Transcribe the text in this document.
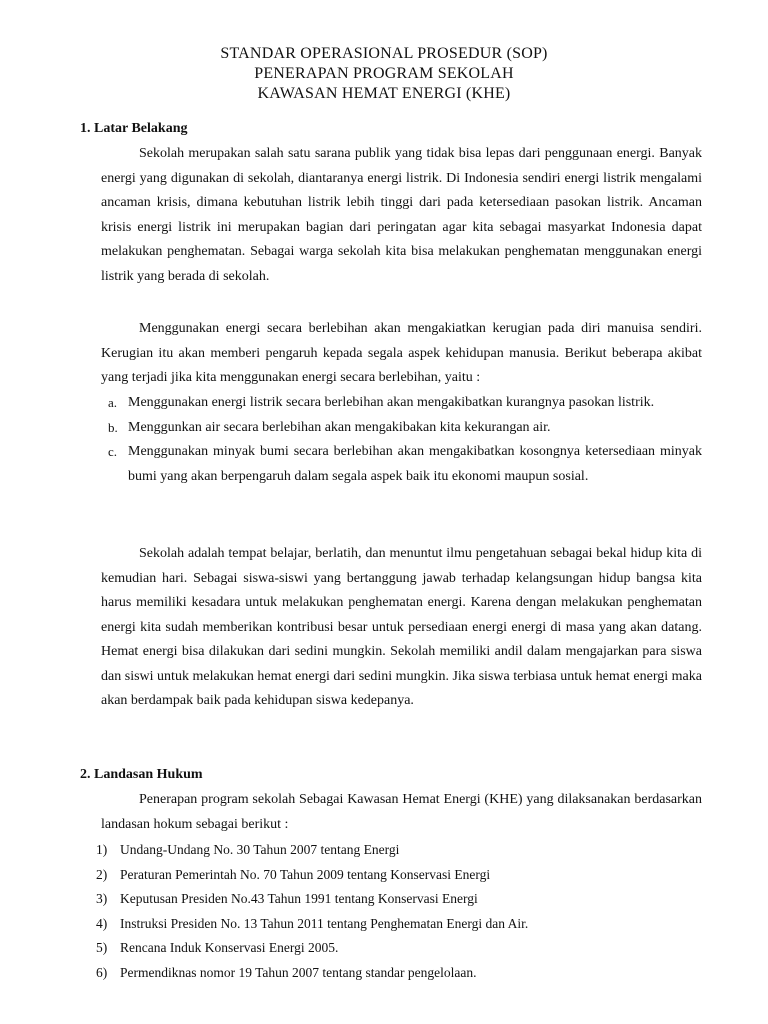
STANDAR OPERASIONAL PROSEDUR (SOP)
PENERAPAN PROGRAM SEKOLAH
KAWASAN HEMAT ENERGI (KHE)
1. Latar Belakang

Sekolah merupakan salah satu sarana publik yang tidak bisa lepas dari penggunaan energi. Banyak energi yang digunakan di sekolah, diantaranya energi listrik. Di Indonesia sendiri energi listrik mengalami ancaman krisis, dimana kebutuhan listrik lebih tinggi dari pada ketersediaan pasokan listrik. Ancaman krisis energi listrik ini merupakan bagian dari peringatan agar kita sebagai masyarkat Indonesia dapat melakukan penghematan. Sebagai warga sekolah kita bisa melakukan penghematan menggunakan energi listrik yang berada di sekolah.

Menggunakan energi secara berlebihan akan mengakiatkan kerugian pada diri manuisa sendiri. Kerugian itu akan memberi pengaruh kepada segala aspek kehidupan manusia. Berikut beberapa akibat yang terjadi jika kita menggunakan energi secara berlebihan, yaitu :

a. Menggunakan energi listrik secara berlebihan akan mengakibatkan kurangnya pasokan listrik.
b. Menggunkan air secara berlebihan akan mengakibakan kita kekurangan air.
c. Menggunakan minyak bumi secara berlebihan akan mengakibatkan kosongnya ketersediaan minyak bumi yang akan berpengaruh dalam segala aspek baik itu ekonomi maupun sosial.

Sekolah adalah tempat belajar, berlatih, dan menuntut ilmu pengetahuan sebagai bekal hidup kita di kemudian hari. Sebagai siswa-siswi yang bertanggung jawab terhadap kelangsungan hidup bangsa kita harus memiliki kesadara untuk melakukan penghematan energi. Karena dengan melakukan penghematan energi kita sudah memberikan kontribusi besar untuk persediaan energi energi di masa yang akan datang. Hemat energi bisa dilakukan dari sedini mungkin. Sekolah memiliki andil dalam mengajarkan para siswa dan siswi untuk melakukan hemat energi dari sedini mungkin. Jika siswa terbiasa untuk hemat energi maka akan berdampak baik pada kehidupan siswa kedepanya.

2. Landasan Hukum

Penerapan program sekolah Sebagai Kawasan Hemat Energi (KHE) yang dilaksanakan berdasarkan landasan hokum sebagai berikut :

1) Undang-Undang No. 30 Tahun 2007 tentang Energi
2) Peraturan Pemerintah No. 70 Tahun 2009 tentang Konservasi Energi
3) Keputusan Presiden No.43 Tahun 1991 tentang Konservasi Energi
4) Instruksi Presiden No. 13 Tahun 2011 tentang Penghematan Energi dan Air.
5) Rencana Induk Konservasi Energi 2005.
6) Permendiknas nomor 19 Tahun 2007 tentang standar pengelolaan.
